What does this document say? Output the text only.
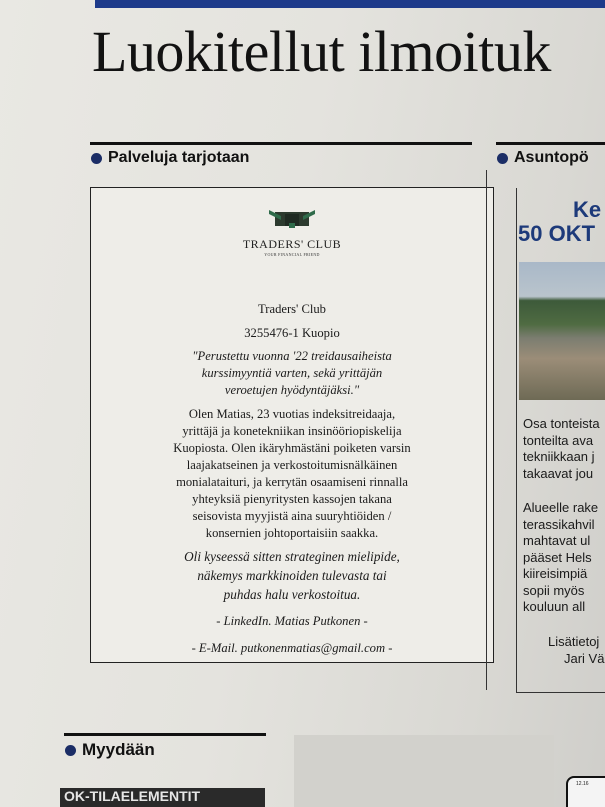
Luokitellut ilmoituk
Palveluja tarjotaan	Asuntopö
TRADERS' CLUB
YOUR FINANCIAL FRIEND
Traders' Club
3255476-1 Kuopio
"Perustettu vuonna '22 treidausaiheista
kurssimyyntiä varten, sekä yrittäjän
veroetujen hyödyntäjäksi."
Olen Matias, 23 vuotias indeksitreidaaja,
yrittäjä ja konetekniikan insinööriopiskelija
Kuopiosta. Olen ikäryhmästäni poiketen varsin
laajakatseinen ja verkostoitumisnälkäinen
monialataituri, ja kerrytän osaamiseni rinnalla
yhteyksiä pienyritysten kassojen takana
seisovista myyjistä aina suuryhtiöiden /
konsernien johtoportaisiin saakka.
Oli kyseessä sitten strateginen mielipide,
näkemys markkinoiden tulevasta tai
puhdas halu verkostoitua.
- LinkedIn. Matias Putkonen -
- E-Mail. putkonenmatias@gmail.com -
Ke
50 OKT
Osa tonteista
tonteilta ava
tekniikkaan j
takaavat jou
Alueelle rake
terassikahvil
mahtavat ul
pääset Hels
kiireisimpiä
sopii myös
kouluun all
Lisätietoj
Jari Vä
Myydään
OK-TILAELEMENTIT
12.16
